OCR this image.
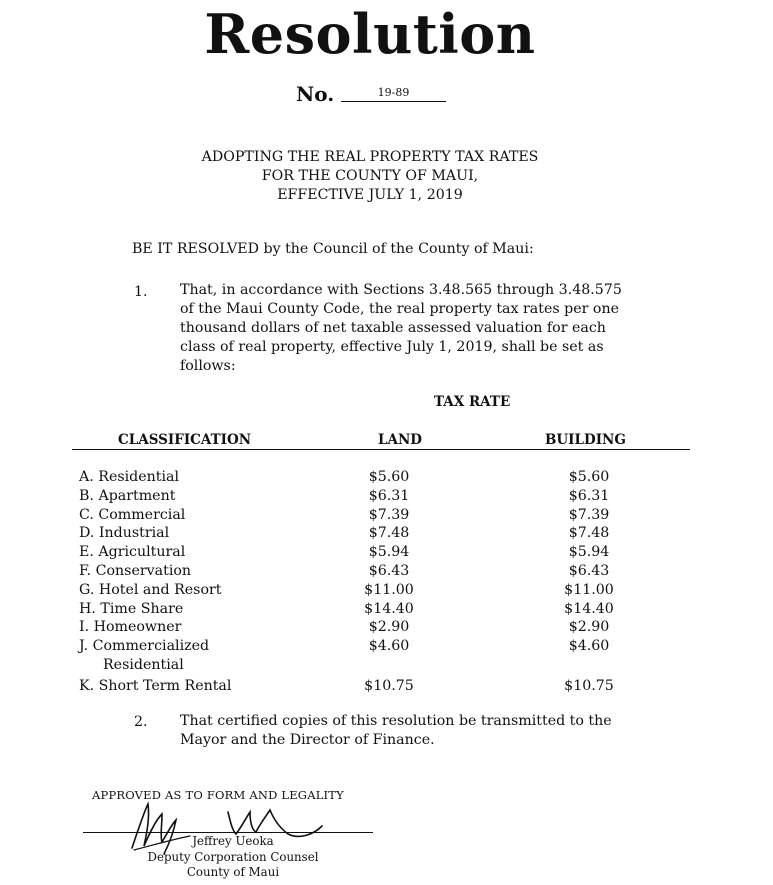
Resolution
No.	19-89
ADOPTING THE REAL PROPERTY TAX RATES
FOR THE COUNTY OF MAUI,
EFFECTIVE JULY 1, 2019
BE IT RESOLVED by the Council of the County of Maui:
1. That, in accordance with Sections 3.48.565 through 3.48.575
of the Maui County Code, the real property tax rates per one
thousand dollars of net taxable assessed valuation for each
class of real property, effective July 1, 2019, shall be set as
follows:
TAX RATE
CLASSIFICATION	LAND	BUILDING
A. Residential	$5.60	$5.60
B. Apartment	$6.31	$6.31
C. Commercial	$7.39	$7.39
D. Industrial	$7.48	$7.48
E. Agricultural	$5.94	$5.94
F. Conservation	$6.43	$6.43
G. Hotel and Resort	$11.00	$11.00
H. Time Share	$14.40	$14.40
I. Homeowner	$2.90	$2.90
J. Commercialized	$4.60	$4.60
Residential
K. Short Term Rental	$10.75	$10.75
2. That certified copies of this resolution be transmitted to the
Mayor and the Director of Finance.
APPROVED AS TO FORM AND LEGALITY
Jeffrey Ueoka
Deputy Corporation Counsel
County of Maui
